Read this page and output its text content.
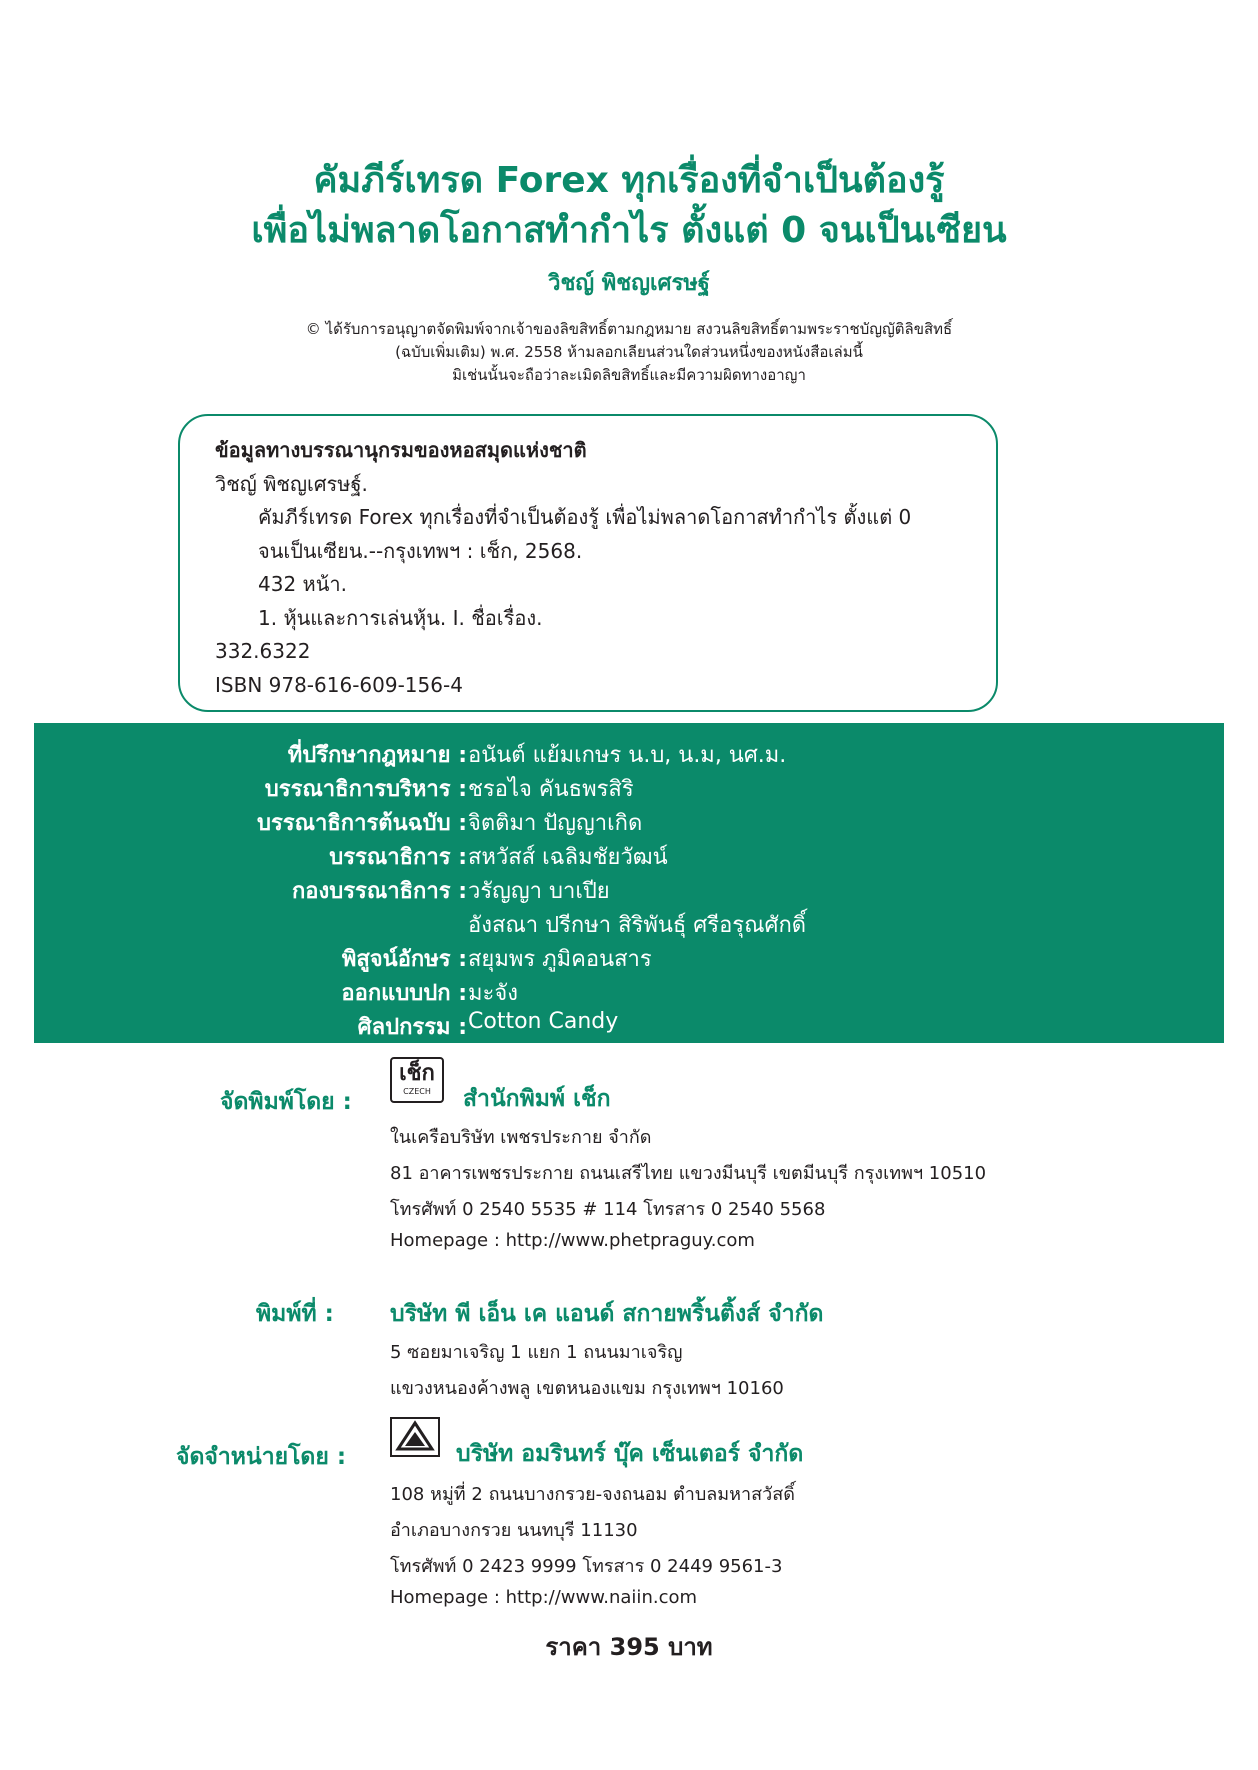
คัมภีร์เทรด Forex ทุกเรื่องที่จำเป็นต้องรู้
เพื่อไม่พลาดโอกาสทำกำไร ตั้งแต่ 0 จนเป็นเซียน
วิชญ์ พิชญเศรษฐ์
© ได้รับการอนุญาตจัดพิมพ์จากเจ้าของลิขสิทธิ์ตามกฎหมาย สงวนลิขสิทธิ์ตามพระราชบัญญัติลิขสิทธิ์
(ฉบับเพิ่มเติม) พ.ศ. 2558 ห้ามลอกเลียนส่วนใดส่วนหนึ่งของหนังสือเล่มนี้
มิเช่นนั้นจะถือว่าละเมิดลิขสิทธิ์และมีความผิดทางอาญา
ข้อมูลทางบรรณานุกรมของหอสมุดแห่งชาติ
วิชญ์ พิชญเศรษฐ์.
คัมภีร์เทรด Forex ทุกเรื่องที่จำเป็นต้องรู้ เพื่อไม่พลาดโอกาสทำกำไร ตั้งแต่ 0
จนเป็นเซียน.--กรุงเทพฯ : เช็ก, 2568.
432 หน้า.
1. หุ้นและการเล่นหุ้น. I. ชื่อเรื่อง.
332.6322
ISBN 978-616-609-156-4
ที่ปรึกษากฎหมาย : อนันต์ แย้มเกษร น.บ, น.ม, นศ.ม.
บรรณาธิการบริหาร : ชรอไจ คันธพรสิริ
บรรณาธิการต้นฉบับ : จิตติมา ปัญญาเกิด
บรรณาธิการ : สหวัสส์ เฉลิมชัยวัฒน์
กองบรรณาธิการ : วรัญญา บาเปีย
อังสณา ปรีกษา สิริพันธุ์ ศรีอรุณศักดิ์
พิสูจน์อักษร : สยุมพร ภูมิคอนสาร
ออกแบบปก : มะจัง
ศิลปกรรม : Cotton Candy
จัดพิมพ์โดย :
เช็ก
CZECH	สำนักพิมพ์ เช็ก
ในเครือบริษัท เพชรประกาย จำกัด
81 อาคารเพชรประกาย ถนนเสรีไทย แขวงมีนบุรี เขตมีนบุรี กรุงเทพฯ 10510
โทรศัพท์ 0 2540 5535 # 114 โทรสาร 0 2540 5568
Homepage : http://www.phetpraguy.com
พิมพ์ที่ : บริษัท พี เอ็น เค แอนด์ สกายพริ้นติ้งส์ จำกัด
5 ซอยมาเจริญ 1 แยก 1 ถนนมาเจริญ
แขวงหนองค้างพลู เขตหนองแขม กรุงเทพฯ 10160
จัดจำหน่ายโดย :	บริษัท อมรินทร์ บุ๊ค เซ็นเตอร์ จำกัด
108 หมู่ที่ 2 ถนนบางกรวย-จงถนอม ตำบลมหาสวัสดิ์
อำเภอบางกรวย นนทบุรี 11130
โทรศัพท์ 0 2423 9999 โทรสาร 0 2449 9561-3
Homepage : http://www.naiin.com
ราคา 395 บาท
